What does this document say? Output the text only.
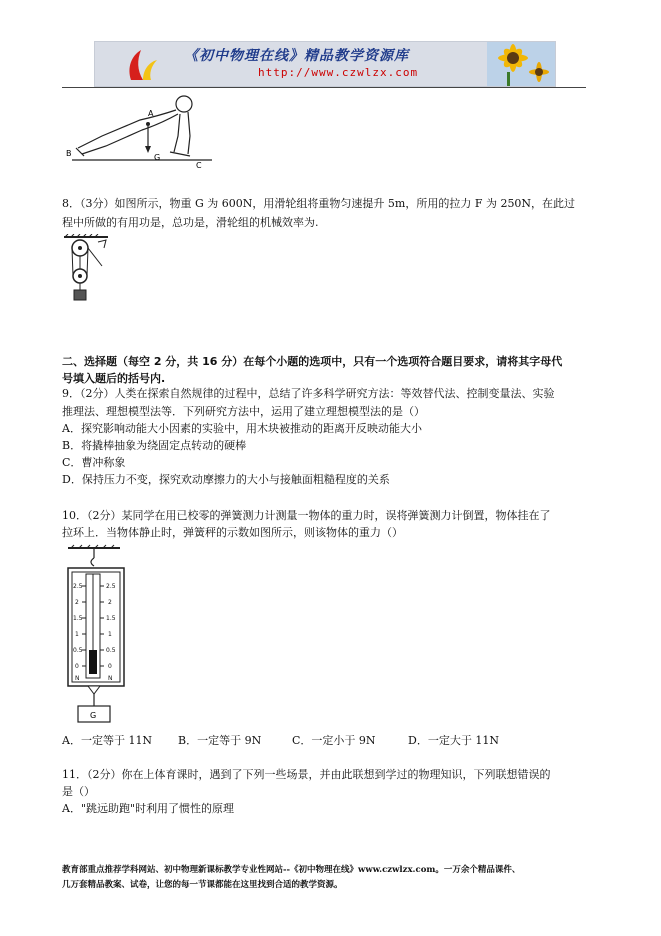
《初中物理在线》精品教学资源库
http://www.czwlzx.com
A
B	G
C
8．（3分）如图所示，物重 G 为 600N，用滑轮组将重物匀速提升 5m，所用的拉力 F 为 250N，在此过
程中所做的有用功是，总功是，滑轮组的机械效率为.
二、选择题（每空 2 分，共 16 分）在每个小题的选项中，只有一个选项符合题目要求，请将其字母代
号填入题后的括号内.
9．（2分）人类在探索自然规律的过程中，总结了许多科学研究方法：等效替代法、控制变量法、实验
推理法、理想模型法等．下列研究方法中，运用了建立理想模型法的是（）
A．探究影响动能大小因素的实验中，用木块被推动的距离开反映动能大小
B．将撬棒抽象为绕固定点转动的硬棒
C．曹冲称象
D．保持压力不变，探究欢动摩擦力的大小与接触面粗糙程度的关系
10．（2分）某同学在用已校零的弹簧测力计测量一物体的重力时，误将弹簧测力计倒置，物体挂在了
拉环上．当物体静止时，弹簧秤的示数如图所示，则该物体的重力（）
2.5
2
1.5
1
0.5
0
2.5
2
1.5
1
0.5
0
N	N
G
A．一定等于 11N B．一定等于 9N	C．一定小于 9N	D．一定大于 11N
11．（2分）你在上体育课时，遇到了下列一些场景，并由此联想到学过的物理知识，下列联想错误的
是（）
A．"跳远助跑"时利用了惯性的原理
教育部重点推荐学科网站、初中物理新课标教学专业性网站--《初中物理在线》www.czwlzx.com。一万余个精品课件、
几万套精品教案、试卷，让您的每一节课都能在这里找到合适的教学资源。
